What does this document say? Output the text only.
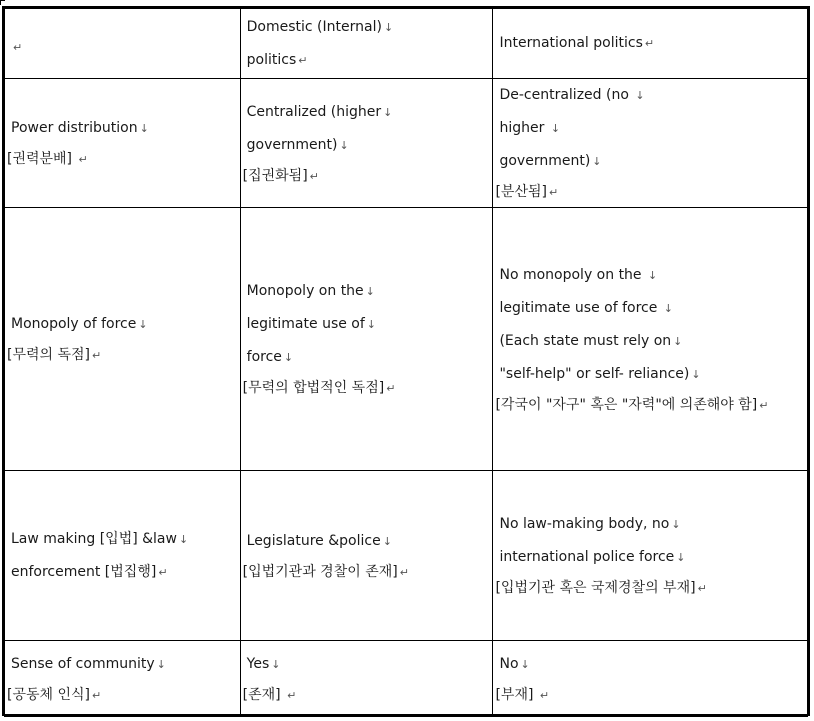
↵	Domestic (Internal) ↓
politics ↵	International politics ↵

Power distribution ↓
[권력분배] ↵	Centralized (higher ↓
government) ↓
[집권화됨] ↵	De-centralized (no ↓
higher ↓
government) ↓
[분산됨] ↵

Monopoly of force ↓
[무력의 독점] ↵	Monopoly on the ↓
legitimate use of ↓
force ↓
[무력의 합법적인 독점] ↵	No monopoly on the ↓
legitimate use of force ↓
(Each state must rely on ↓
"self-help" or self- reliance) ↓
[각국이 "자구" 혹은 "자력"에 의존해야 함] ↵

Law making [입법] &law ↓
enforcement [법집행] ↵	Legislature &police ↓
[입법기관과 경찰이 존재] ↵	No law-making body, no ↓
international police force ↓
[입법기관 혹은 국제경찰의 부재] ↵

Sense of community ↓
[공동체 인식] ↵	Yes ↓
[존재] ↵	No ↓
[부재] ↵
